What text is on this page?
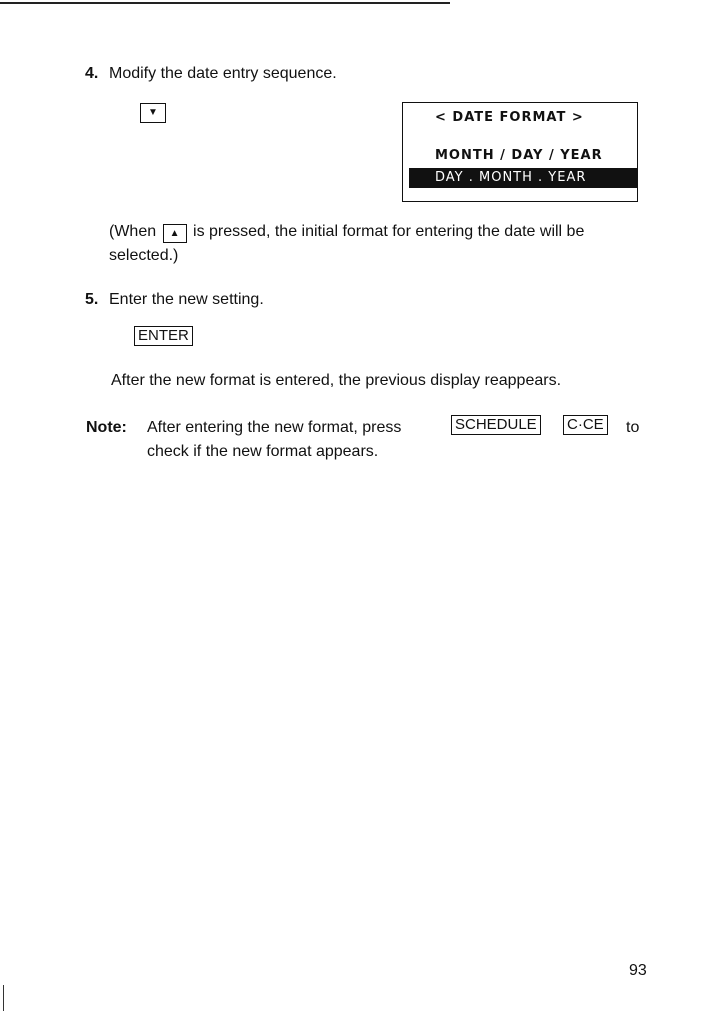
4. Modify the date entry sequence.
▼	< DATE FORMAT >
MONTH / DAY / YEAR
DAY . MONTH . YEAR
(When ▲ is pressed, the initial format for entering the date will be
selected.)
5. Enter the new setting.
ENTER
After the new format is entered, the previous display reappears.
Note: After entering the new format, press	SCHEDULE C·CE to
check if the new format appears.
93
